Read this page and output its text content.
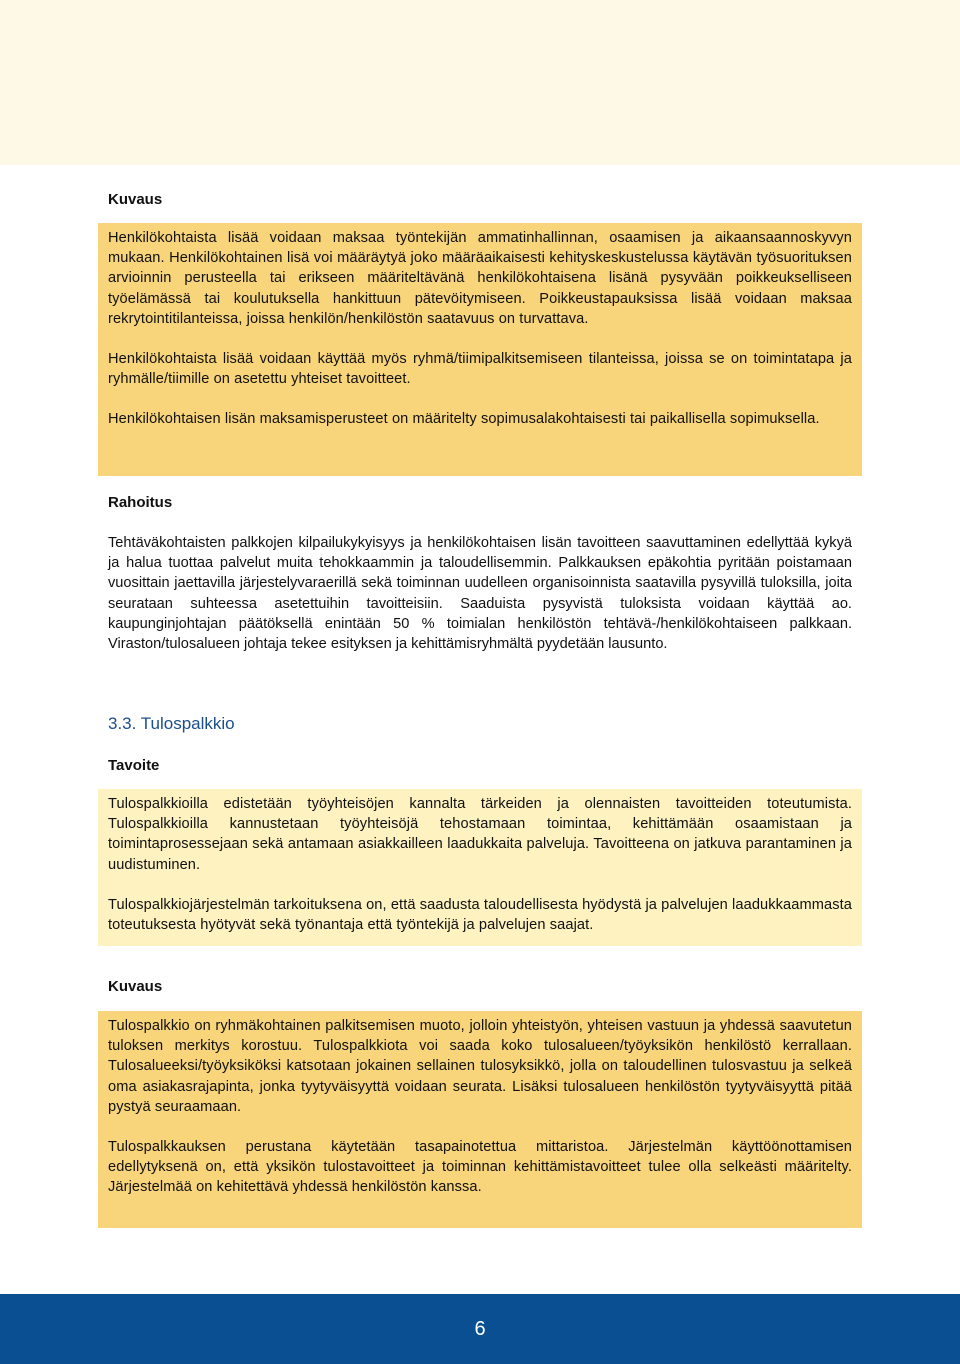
Kuvaus

Henkilökohtaista lisää voidaan maksaa työntekijän ammatinhallinnan, osaamisen ja aikaansaannoskyvyn mukaan. Henkilökohtainen lisä voi määräytyä joko määräaikaisesti kehityskeskustelussa käytävän työsuorituksen arvioinnin perusteella tai erikseen määriteltävänä henkilökohtaisena lisänä pysyvään poikkeukselliseen työelämässä tai koulutuksella hankittuun pätevöitymiseen. Poikkeustapauksissa lisää voidaan maksaa rekrytointitilanteissa, joissa henkilön/henkilöstön saatavuus on turvattava.

Henkilökohtaista lisää voidaan käyttää myös ryhmä/tiimipalkitsemiseen tilanteissa, joissa se on toimintatapa ja ryhmälle/tiimille on asetettu yhteiset tavoitteet.

Henkilökohtaisen lisän maksamisperusteet on määritelty sopimusalakohtaisesti tai paikallisella sopimuksella.

Rahoitus

Tehtäväkohtaisten palkkojen kilpailukykyisyys ja henkilökohtaisen lisän tavoitteen saavuttaminen edellyttää kykyä ja halua tuottaa palvelut muita tehokkaammin ja taloudellisemmin. Palkkauksen epäkohtia pyritään poistamaan vuosittain jaettavilla järjestelyvaraerillä sekä toiminnan uudelleen organisoinnista saatavilla pysyvillä tuloksilla, joita seurataan suhteessa asetettuihin tavoitteisiin. Saaduista pysyvistä tuloksista voidaan käyttää ao. kaupunginjohtajan päätöksellä enintään 50 % toimialan henkilöstön tehtävä-/henkilökohtaiseen palkkaan. Viraston/tulosalueen johtaja tekee esityksen ja kehittämisryhmältä pyydetään lausunto.

3.3. Tulospalkkio
Tavoite

Tulospalkkioilla edistetään työyhteisöjen kannalta tärkeiden ja olennaisten tavoitteiden toteutumista. Tulospalkkioilla kannustetaan työyhteisöjä tehostamaan toimintaa, kehittämään osaamistaan ja toimintaprosessejaan sekä antamaan asiakkailleen laadukkaita palveluja. Tavoitteena on jatkuva parantaminen ja uudistuminen.

Tulospalkkiojärjestelmän tarkoituksena on, että saadusta taloudellisesta hyödystä ja palvelujen laadukkaammasta toteutuksesta hyötyvät sekä työnantaja että työntekijä ja palvelujen saajat.

Kuvaus

Tulospalkkio on ryhmäkohtainen palkitsemisen muoto, jolloin yhteistyön, yhteisen vastuun ja yhdessä saavutetun tuloksen merkitys korostuu. Tulospalkkiota voi saada koko tulosalueen/työyksikön henkilöstö kerrallaan. Tulosalueeksi/työyksiköksi katsotaan jokainen sellainen tulosyksikkö, jolla on taloudellinen tulosvastuu ja selkeä oma asiakasrajapinta, jonka tyytyväisyyttä voidaan seurata. Lisäksi tulosalueen henkilöstön tyytyväisyyttä pitää pystyä seuraamaan.

Tulospalkkauksen perustana käytetään tasapainotettua mittaristoa. Järjestelmän käyttöönottamisen edellytyksenä on, että yksikön tulostavoitteet ja toiminnan kehittämistavoitteet tulee olla selkeästi määritelty. Järjestelmää on kehitettävä yhdessä henkilöstön kanssa.

6
